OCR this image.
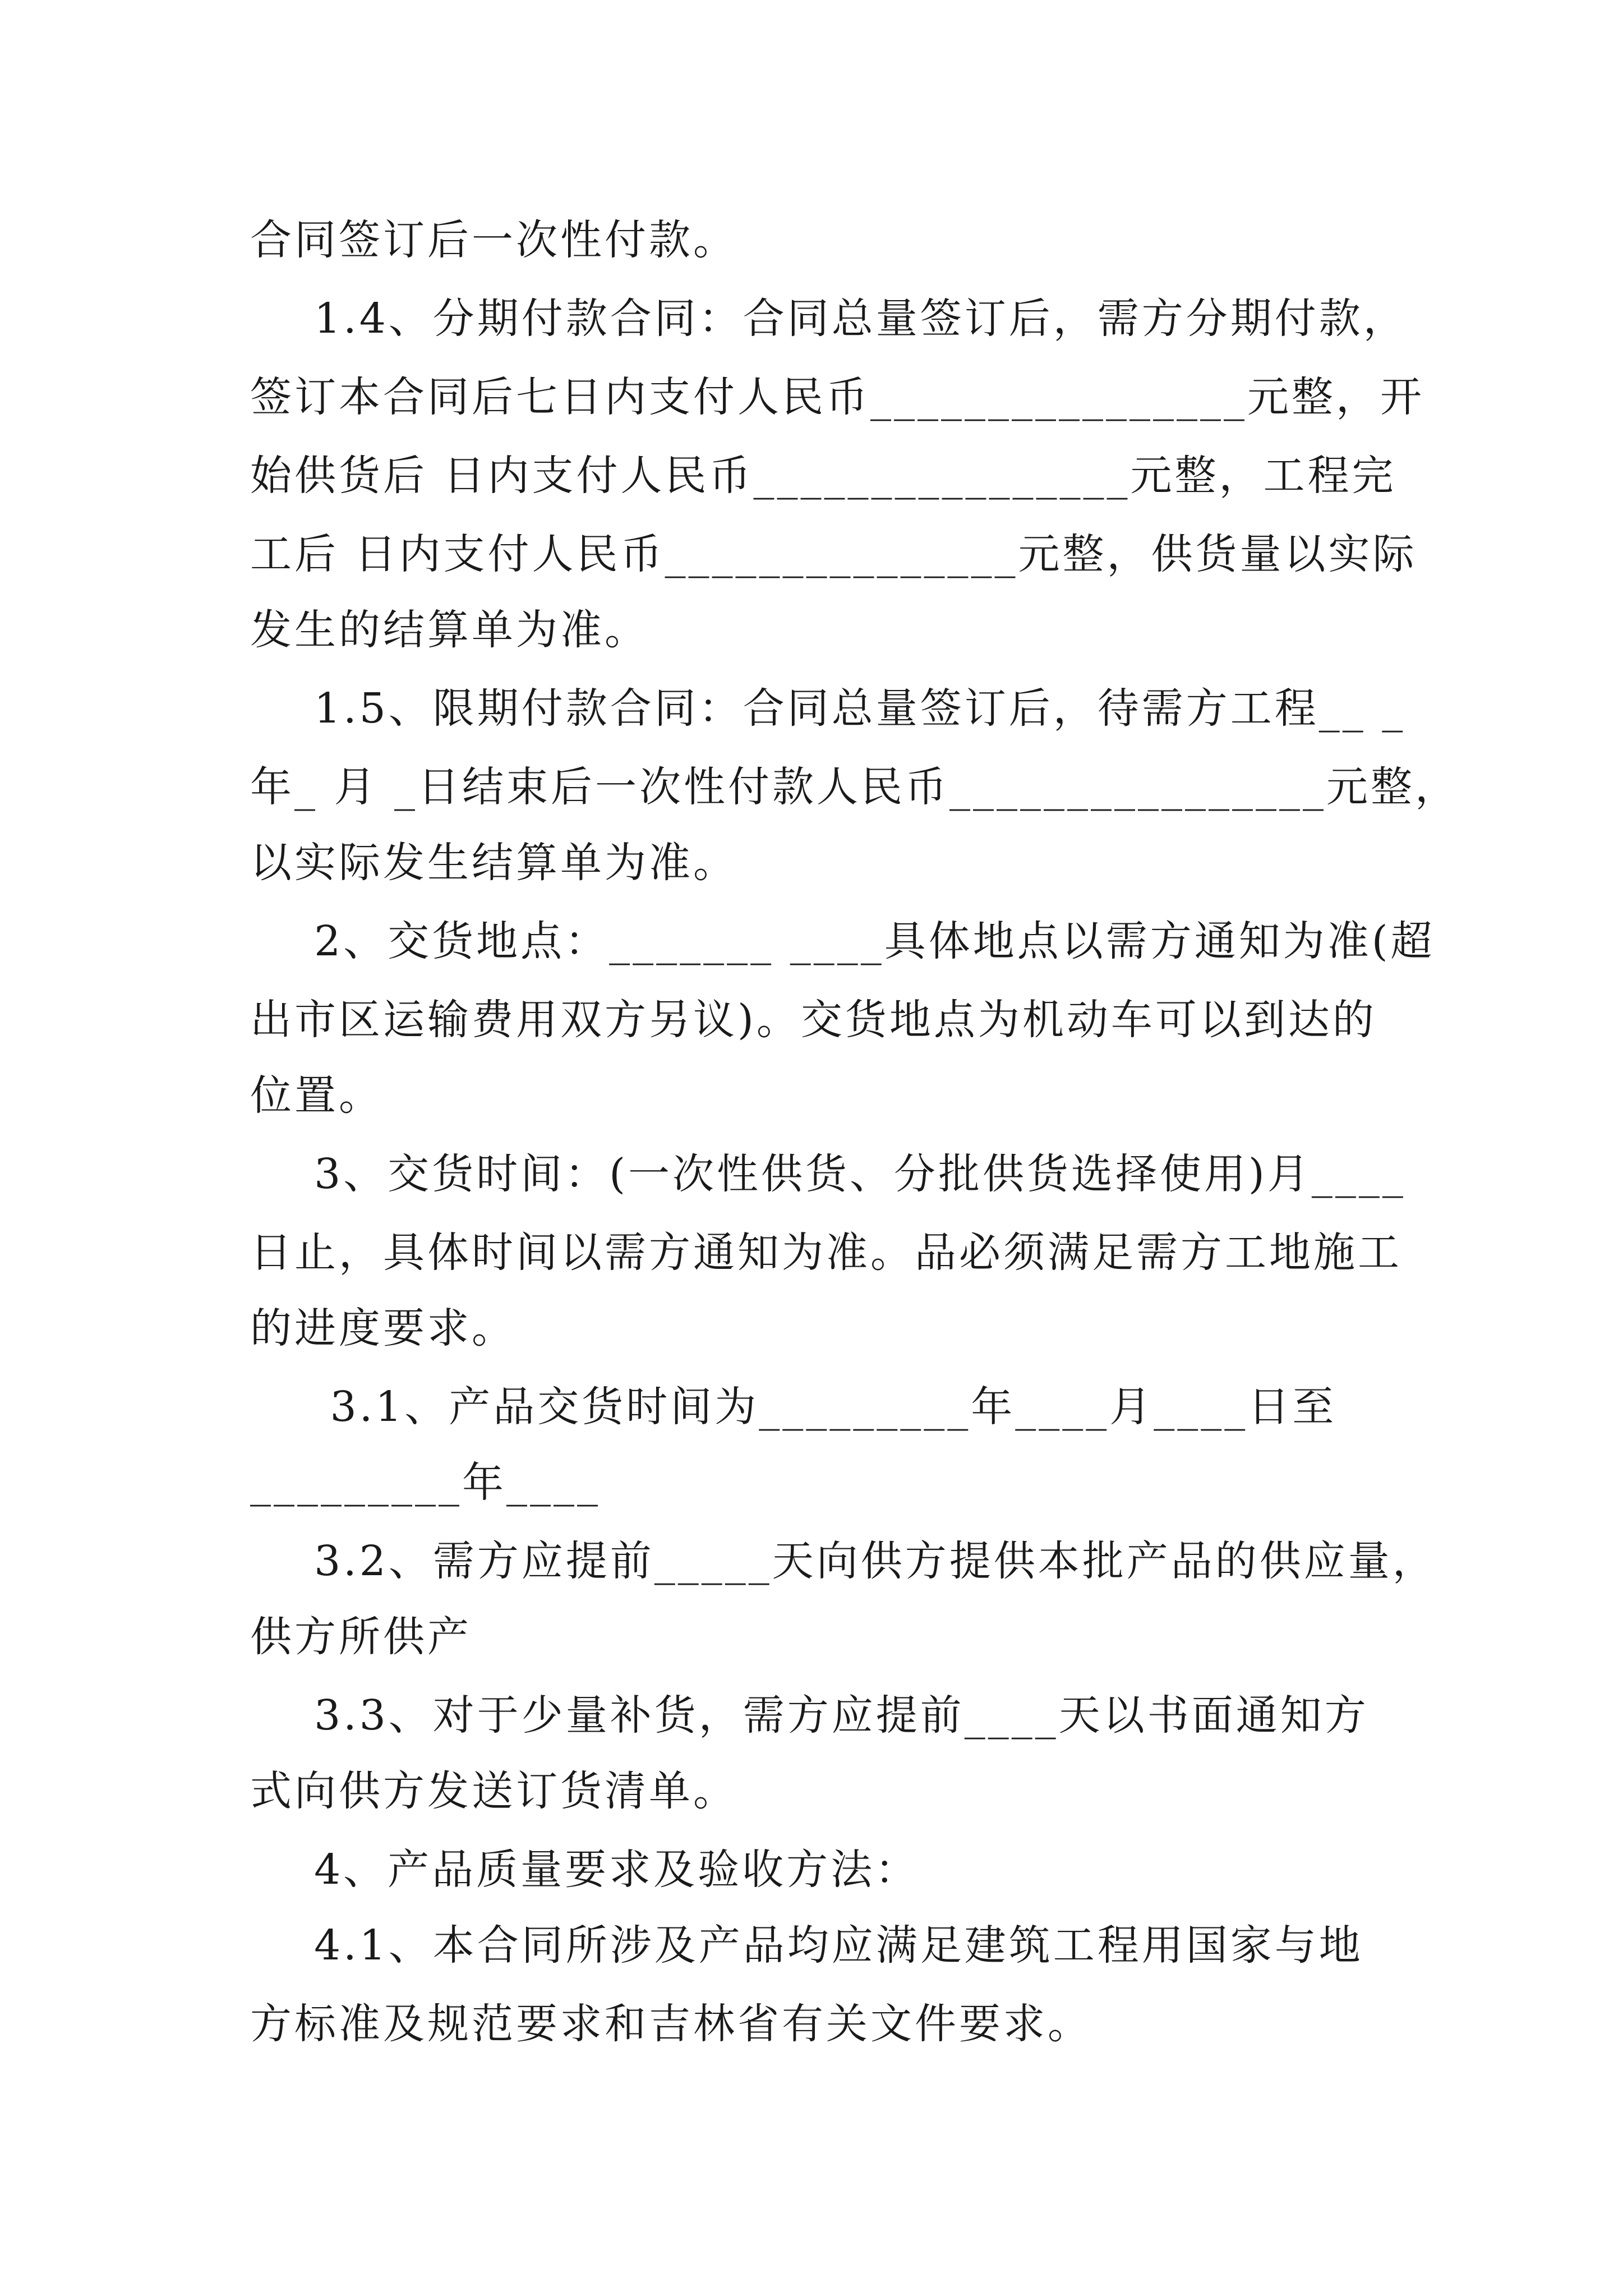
合同签订后一次性付款。
1.4、分期付款合同：合同总量签订后，需方分期付款，
签订本合同后七日内支付人民币________________元整，开
始供货后 日内支付人民币________________元整，工程完
工后 日内支付人民币_______________元整，供货量以实际
发生的结算单为准。
1.5、限期付款合同：合同总量签订后，待需方工程__ _
年_ 月 _日结束后一次性付款人民币________________元整，
以实际发生结算单为准。
2、交货地点：_______ ____具体地点以需方通知为准(超
出市区运输费用双方另议)。交货地点为机动车可以到达的
位置。
3、交货时间：(一次性供货、分批供货选择使用)月____
日止，具体时间以需方通知为准。品必须满足需方工地施工
的进度要求。
3.1、产品交货时间为_________年____月____日至
_________年____
3.2、需方应提前_____天向供方提供本批产品的供应量，
供方所供产
3.3、对于少量补货，需方应提前____天以书面通知方
式向供方发送订货清单。
4、产品质量要求及验收方法：
4.1、本合同所涉及产品均应满足建筑工程用国家与地
方标准及规范要求和吉林省有关文件要求。
